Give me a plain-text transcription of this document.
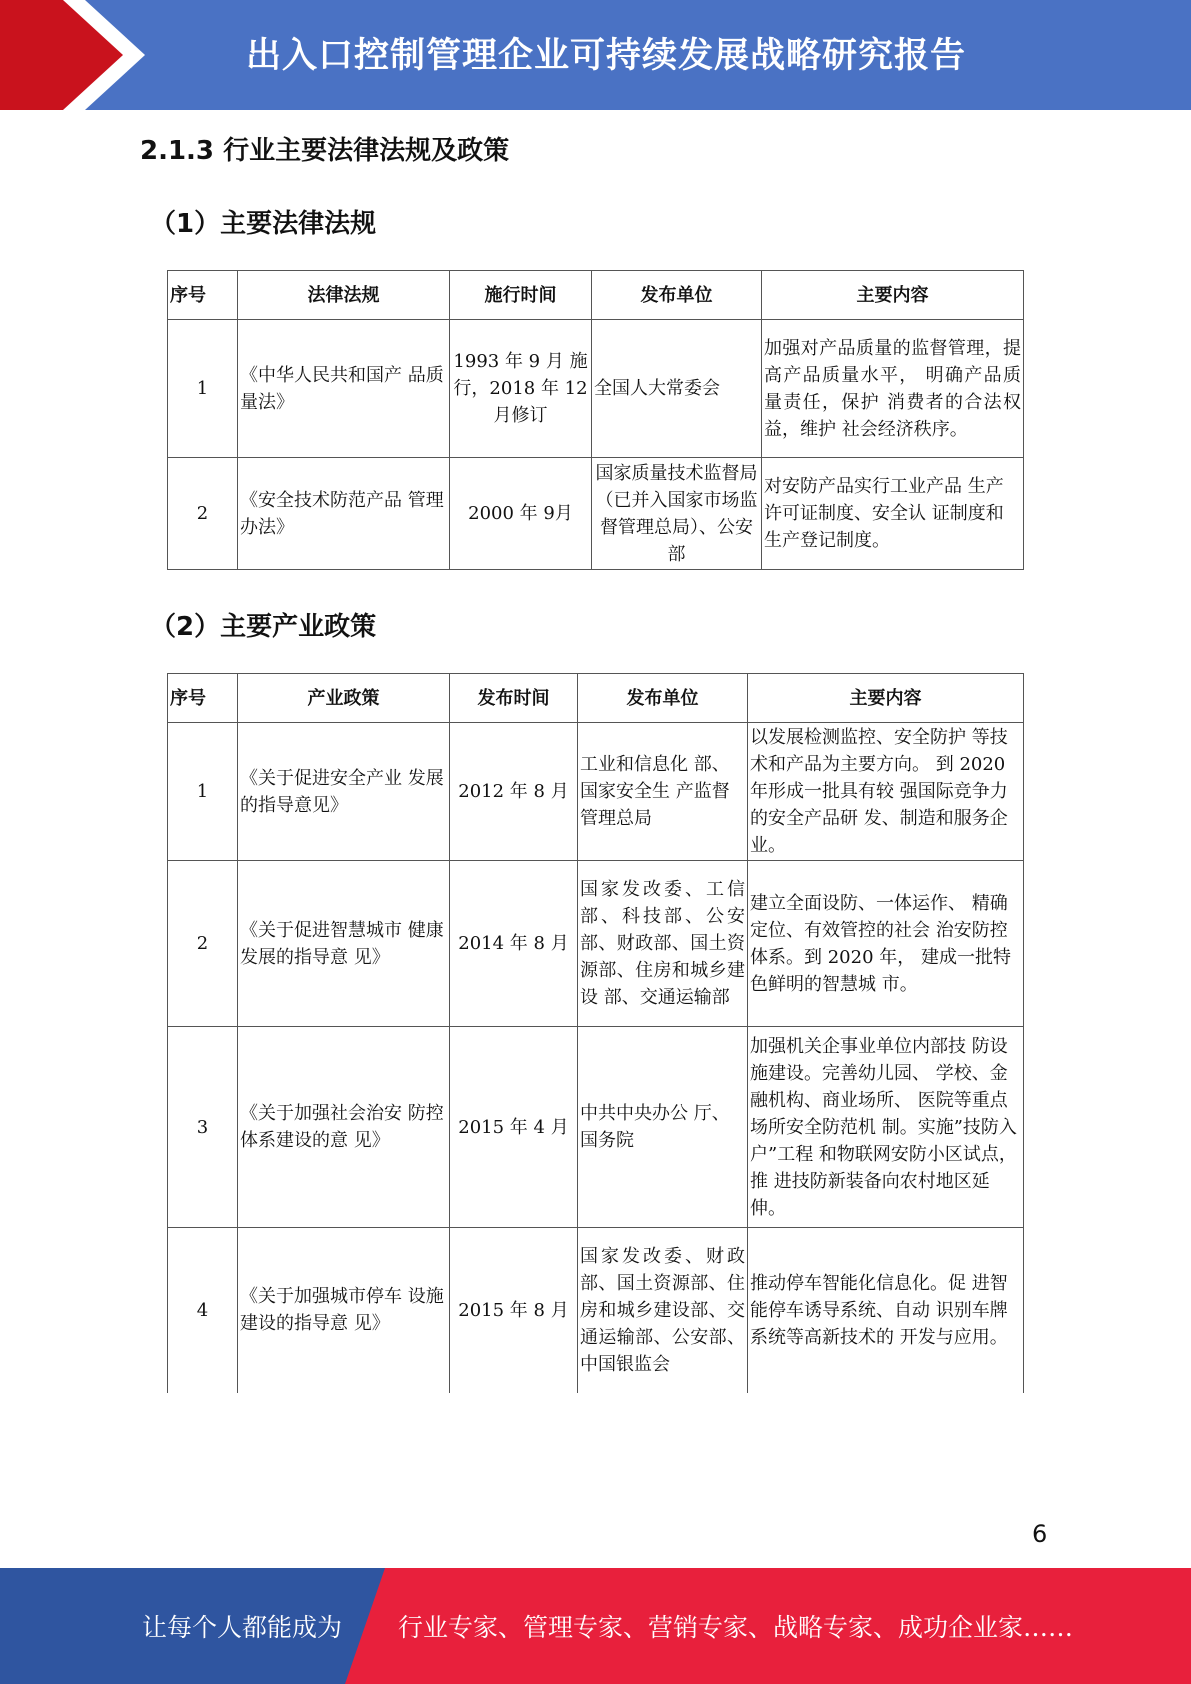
出入口控制管理企业可持续发展战略研究报告
2.1.3 行业主要法律法规及政策
（1）主要法律法规
序号	法律法规	施行时间	发布单位	主要内容
1	《中华人民共和国产 品质量法》	1993 年 9 月 施行，2018 年 12 月修订	全国人大常委会	加强对产品质量的监督管理，提高产品质量水平， 明确产品质量责任，保护 消费者的合法权益，维护 社会经济秩序。
2	《安全技术防范产品 管理办法》	2000 年 9月	国家质量技术监督局（已并入国家市场监督管理总局）、公安部	对安防产品实行工业产品 生产许可证制度、安全认 证制度和生产登记制度。
（2）主要产业政策
序号	产业政策	发布时间	发布单位	主要内容
1	《关于促进安全产业 发展的指导意见》	2012 年 8 月	工业和信息化 部、国家安全生 产监督管理总局	以发展检测监控、安全防护 等技术和产品为主要方向。 到 2020 年形成一批具有较 强国际竞争力的安全产品研 发、制造和服务企业。
2	《关于促进智慧城市 健康发展的指导意 见》	2014 年 8 月	国家发改委、工信部、科技部、公安部、财政部、国土资源部、住房和城乡建设 部、交通运输部	建立全面设防、一体运作、 精确定位、有效管控的社会 治安防控体系。到 2020 年， 建成一批特色鲜明的智慧城 市。
3	《关于加强社会治安 防控体系建设的意 见》	2015 年 4 月	中共中央办公 厅、国务院	加强机关企事业单位内部技 防设施建设。完善幼儿园、 学校、金融机构、商业场所、 医院等重点场所安全防范机 制。实施”技防入户”工程 和物联网安防小区试点，推 进技防新装备向农村地区延 伸。
4	《关于加强城市停车 设施建设的指导意 见》	2015 年 8 月	国家发改委、财政部、国土资源部、住房和城乡建设部、交通运输部、公安部、中国银监会	推动停车智能化信息化。促 进智能停车诱导系统、自动 识别车牌系统等高新技术的 开发与应用。
6
让每个人都能成为 行业专家、管理专家、营销专家、战略专家、成功企业家……
